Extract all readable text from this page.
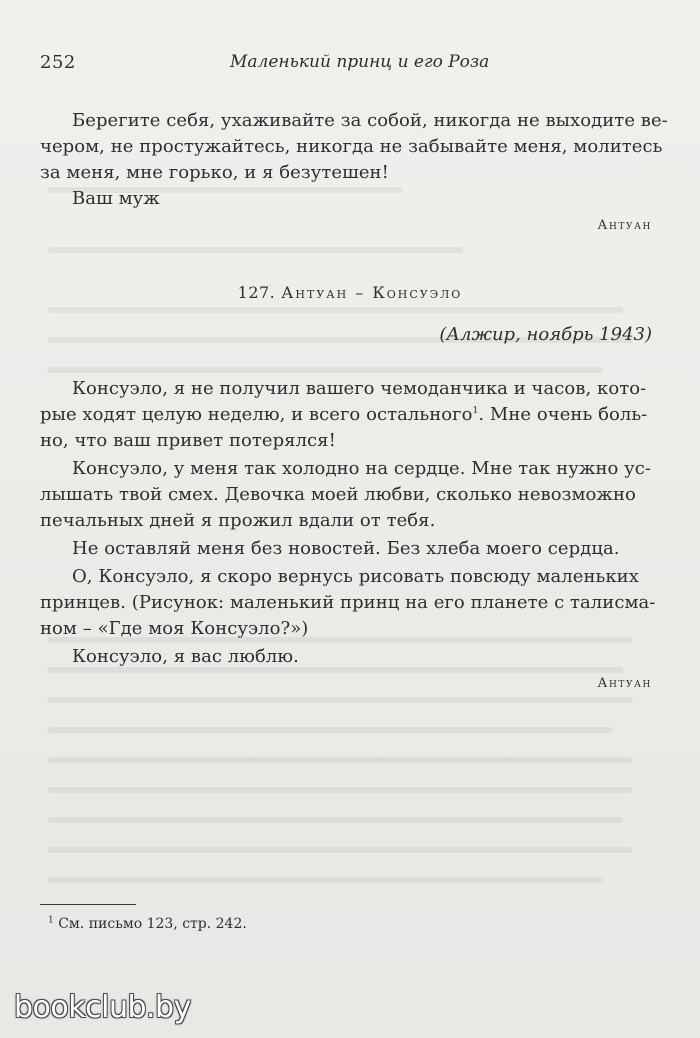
252	Маленький принц и его Роза
Берегите себя, ухаживайте за собой, никогда не выходите ве-
чером, не простужайтесь, никогда не забывайте меня, молитесь
за меня, мне горько, и я безутешен!
Ваш муж
Антуан
127. Антуан – Консуэло
(Алжир, ноябрь 1943)
Консуэло, я не получил вашего чемоданчика и часов, кото-
рые ходят целую неделю, и всего остального$^1$. Мне очень боль-
но, что ваш привет потерялся!
Консуэло, у меня так холодно на сердце. Мне так нужно ус-
лышать твой смех. Девочка моей любви, сколько невозможно
печальных дней я прожил вдали от тебя.
Не оставляй меня без новостей. Без хлеба моего сердца.
О, Консуэло, я скоро вернусь рисовать повсюду маленьких
принцев. (Рисунок: маленький принц на его планете с талисма-
ном – «Где моя Консуэло?»)
Консуэло, я вас люблю.
Антуан
$^1$ См. письмо 123, стр. 242.
bookclub.by
